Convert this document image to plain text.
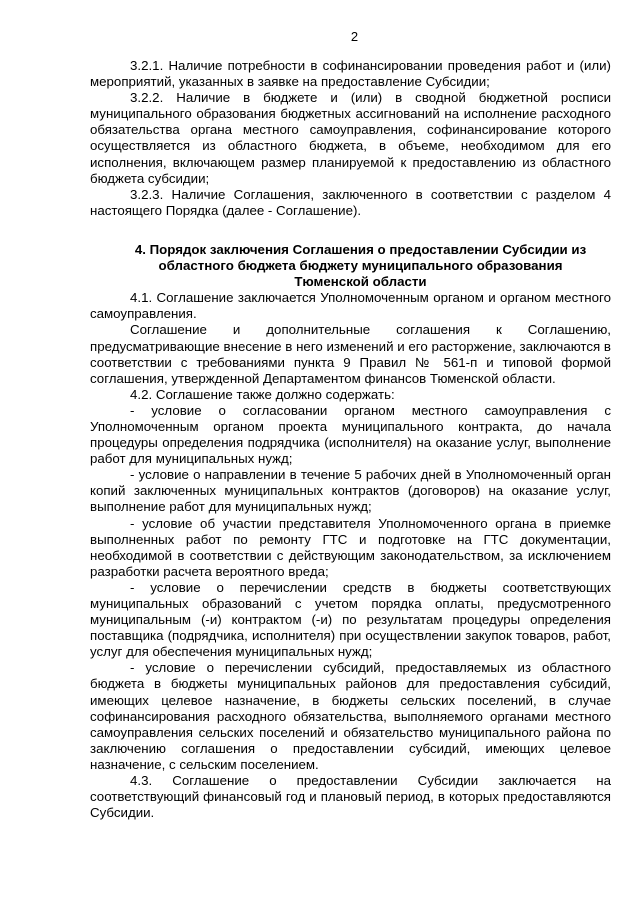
2

3.2.1. Наличие потребности в софинансировании проведения работ и (или) мероприятий, указанных в заявке на предоставление Субсидии;

3.2.2. Наличие в бюджете и (или) в сводной бюджетной росписи муниципального образования бюджетных ассигнований на исполнение расходного обязательства органа местного самоуправления, софинансирование которого осуществляется из областного бюджета, в объеме, необходимом для его исполнения, включающем размер планируемой к предоставлению из областного бюджета субсидии;

3.2.3. Наличие Соглашения, заключенного в соответствии с разделом 4 настоящего Порядка (далее - Соглашение).

4. Порядок заключения Соглашения о предоставлении Субсидии из областного бюджета бюджету муниципального образования Тюменской области

4.1. Соглашение заключается Уполномоченным органом и органом местного самоуправления.

Соглашение и дополнительные соглашения к Соглашению, предусматривающие внесение в него изменений и его расторжение, заключаются в соответствии с требованиями пункта 9 Правил № 561-п и типовой формой соглашения, утвержденной Департаментом финансов Тюменской области.

4.2. Соглашение также должно содержать:

- условие о согласовании органом местного самоуправления с Уполномоченным органом проекта муниципального контракта, до начала процедуры определения подрядчика (исполнителя) на оказание услуг, выполнение работ для муниципальных нужд;

- условие о направлении в течение 5 рабочих дней в Уполномоченный орган копий заключенных муниципальных контрактов (договоров) на оказание услуг, выполнение работ для муниципальных нужд;

- условие об участии представителя Уполномоченного органа в приемке выполненных работ по ремонту ГТС и подготовке на ГТС документации, необходимой в соответствии с действующим законодательством, за исключением разработки расчета вероятного вреда;

- условие о перечислении средств в бюджеты соответствующих муниципальных образований с учетом порядка оплаты, предусмотренного муниципальным (-и) контрактом (-и) по результатам процедуры определения поставщика (подрядчика, исполнителя) при осуществлении закупок товаров, работ, услуг для обеспечения муниципальных нужд;

- условие о перечислении субсидий, предоставляемых из областного бюджета в бюджеты муниципальных районов для предоставления субсидий, имеющих целевое назначение, в бюджеты сельских поселений, в случае софинансирования расходного обязательства, выполняемого органами местного самоуправления сельских поселений и обязательство муниципального района по заключению соглашения о предоставлении субсидий, имеющих целевое назначение, с сельским поселением.

4.3. Соглашение о предоставлении Субсидии заключается на соответствующий финансовый год и плановый период, в которых предоставляются Субсидии.
